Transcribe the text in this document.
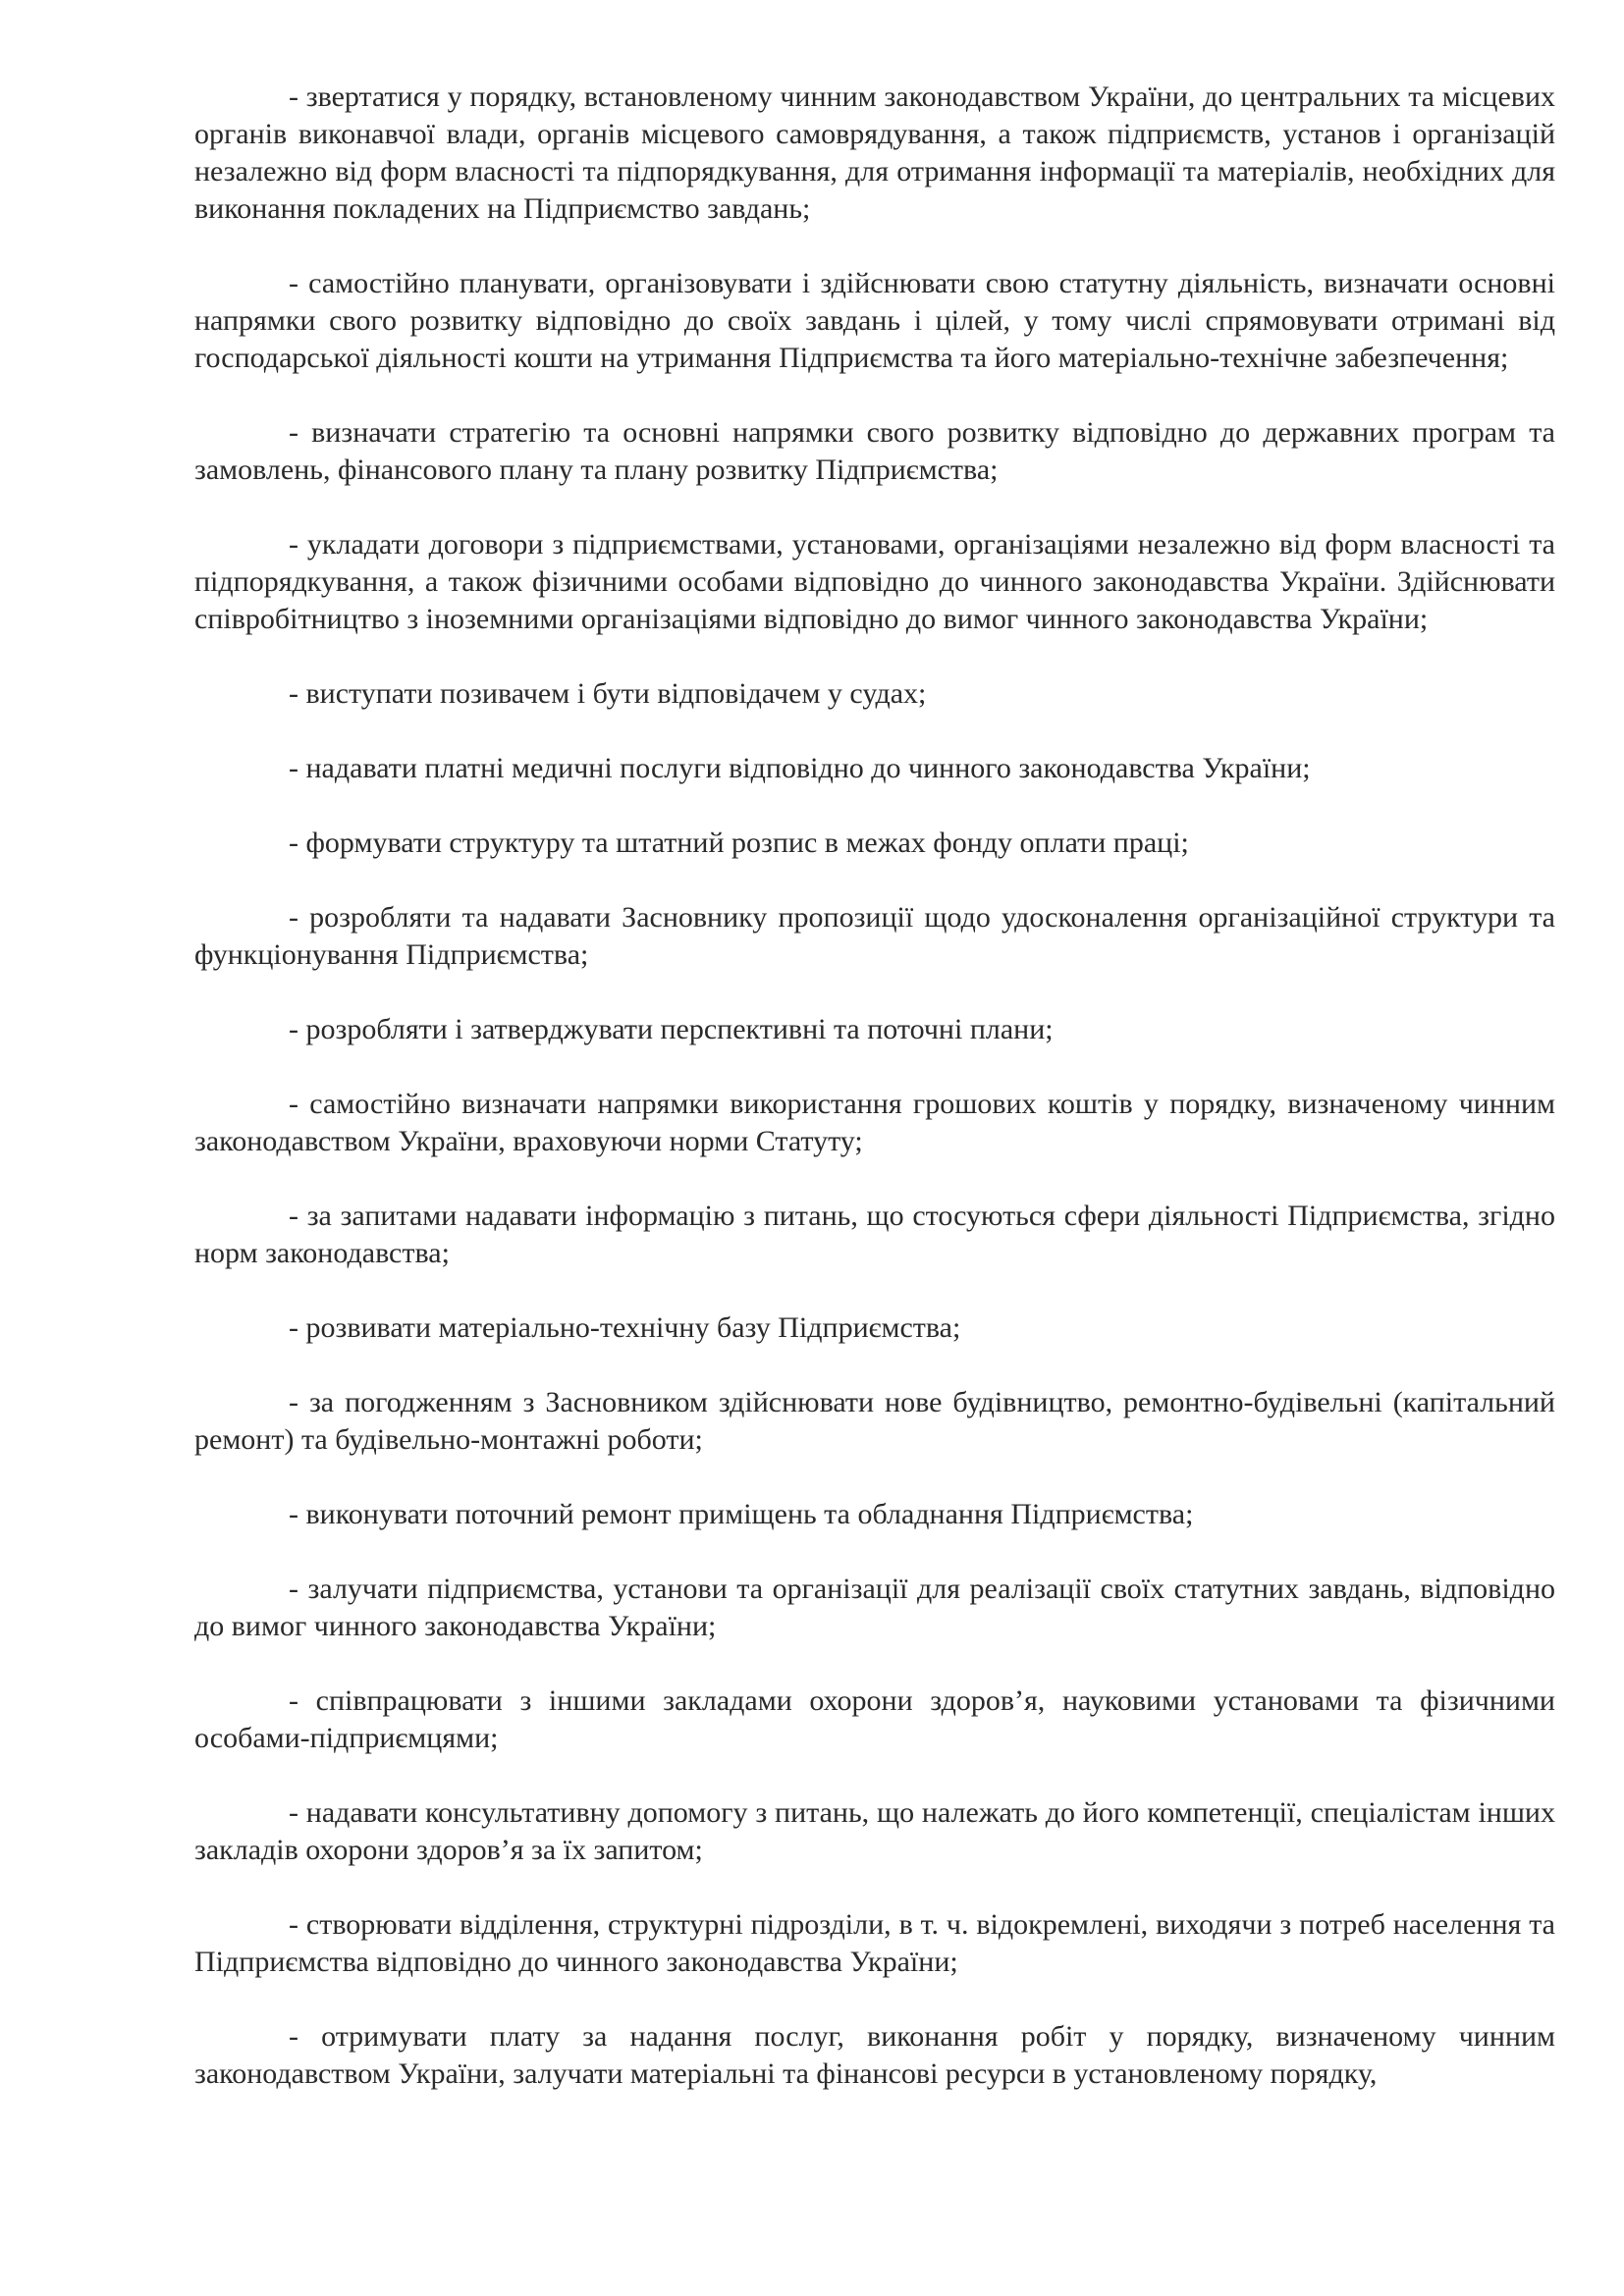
- звертатися у порядку, встановленому чинним законодавством України, до центральних та місцевих органів виконавчої влади, органів місцевого самоврядування, а також підприємств, установ і організацій незалежно від форм власності та підпорядкування, для отримання інформації та матеріалів, необхідних для виконання покладених на Підприємство завдань;

- самостійно планувати, організовувати і здійснювати свою статутну діяльність, визначати основні напрямки свого розвитку відповідно до своїх завдань і цілей, у тому числі спрямовувати отримані від господарської діяльності кошти на утримання Підприємства та його матеріально-технічне забезпечення;

- визначати стратегію та основні напрямки свого розвитку відповідно до державних програм та замовлень, фінансового плану та плану розвитку Підприємства;

- укладати договори з підприємствами, установами, організаціями незалежно від форм власності та підпорядкування, а також фізичними особами відповідно до чинного законодавства України. Здійснювати співробітництво з іноземними організаціями відповідно до вимог чинного законодавства України;

- виступати позивачем і бути відповідачем у судах;

- надавати платні медичні послуги відповідно до чинного законодавства України;

- формувати структуру та штатний розпис в межах фонду оплати праці;

- розробляти та надавати Засновнику пропозиції щодо удосконалення організаційної структури та функціонування Підприємства;

- розробляти і затверджувати перспективні та поточні плани;

- самостійно визначати напрямки використання грошових коштів у порядку, визначеному чинним законодавством України, враховуючи норми Статуту;

- за запитами надавати інформацію з питань, що стосуються сфери діяльності Підприємства, згідно норм законодавства;

- розвивати матеріально-технічну базу Підприємства;

- за погодженням з Засновником здійснювати нове будівництво, ремонтно-будівельні (капітальний ремонт) та будівельно-монтажні роботи;

- виконувати поточний ремонт приміщень та обладнання Підприємства;

- залучати підприємства, установи та організації для реалізації своїх статутних завдань, відповідно до вимог чинного законодавства України;

- співпрацювати з іншими закладами охорони здоров’я, науковими установами та фізичними особами-підприємцями;

- надавати консультативну допомогу з питань, що належать до його компетенції, спеціалістам інших закладів охорони здоров’я за їх запитом;

- створювати відділення, структурні підрозділи, в т. ч. відокремлені, виходячи з потреб населення та Підприємства відповідно до чинного законодавства України;

- отримувати плату за надання послуг, виконання робіт у порядку, визначеному чинним законодавством України, залучати матеріальні та фінансові ресурси в установленому порядку,
